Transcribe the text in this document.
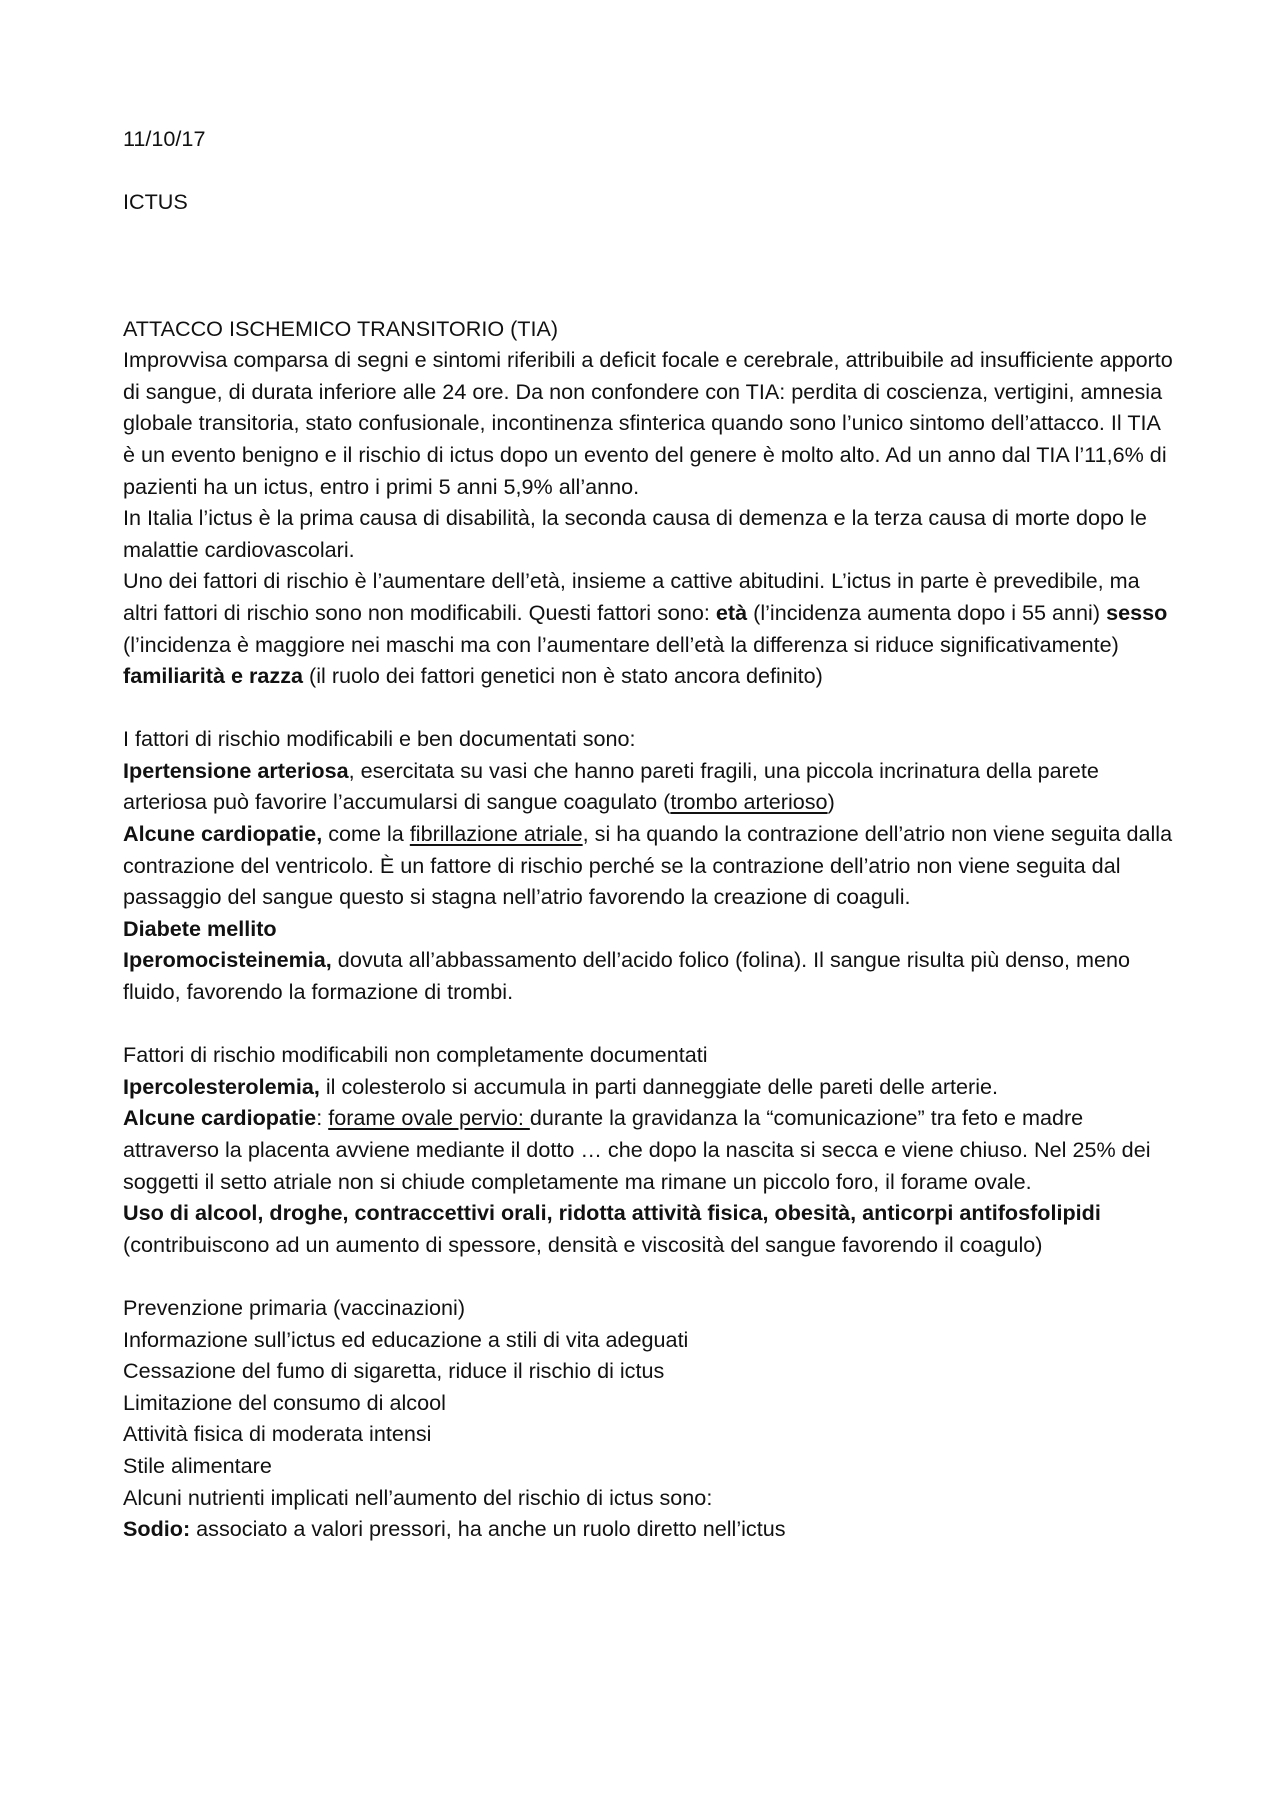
11/10/17

ICTUS

ATTACCO ISCHEMICO TRANSITORIO (TIA)

Improvvisa comparsa di segni e sintomi riferibili a deficit focale e cerebrale, attribuibile ad insufficiente apporto di sangue, di durata inferiore alle 24 ore. Da non confondere con TIA: perdita di coscienza, vertigini, amnesia globale transitoria, stato confusionale, incontinenza sfinterica quando sono l’unico sintomo dell’attacco. Il TIA è un evento benigno e il rischio di ictus dopo un evento del genere è molto alto. Ad un anno dal TIA l’11,6% di pazienti ha un ictus, entro i primi 5 anni 5,9% all’anno.

In Italia l’ictus è la prima causa di disabilità, la seconda causa di demenza e la terza causa di morte dopo le malattie cardiovascolari.

Uno dei fattori di rischio è l’aumentare dell’età, insieme a cattive abitudini. L’ictus in parte è prevedibile, ma altri fattori di rischio sono non modificabili. Questi fattori sono: età (l’incidenza aumenta dopo i 55 anni) sesso (l’incidenza è maggiore nei maschi ma con l’aumentare dell’età la differenza si riduce significativamente) familiarità e razza (il ruolo dei fattori genetici non è stato ancora definito)

I fattori di rischio modificabili e ben documentati sono:

Ipertensione arteriosa, esercitata su vasi che hanno pareti fragili, una piccola incrinatura della parete arteriosa può favorire l’accumularsi di sangue coagulato (trombo arterioso)

Alcune cardiopatie, come la fibrillazione atriale, si ha quando la contrazione dell’atrio non viene seguita dalla contrazione del ventricolo. È un fattore di rischio perché se la contrazione dell’atrio non viene seguita dal passaggio del sangue questo si stagna nell’atrio favorendo la creazione di coaguli.

Diabete mellito

Iperomocisteinemia, dovuta all’abbassamento dell’acido folico (folina). Il sangue risulta più denso, meno fluido, favorendo la formazione di trombi.

Fattori di rischio modificabili non completamente documentati

Ipercolesterolemia, il colesterolo si accumula in parti danneggiate delle pareti delle arterie.

Alcune cardiopatie: forame ovale pervio: durante la gravidanza la “comunicazione” tra feto e madre attraverso la placenta avviene mediante il dotto … che dopo la nascita si secca e viene chiuso. Nel 25% dei soggetti il setto atriale non si chiude completamente ma rimane un piccolo foro, il forame ovale.

Uso di alcool, droghe, contraccettivi orali, ridotta attività fisica, obesità, anticorpi antifosfolipidi

(contribuiscono ad un aumento di spessore, densità e viscosità del sangue favorendo il coagulo)

Prevenzione primaria (vaccinazioni)

Informazione sull’ictus ed educazione a stili di vita adeguati

Cessazione del fumo di sigaretta, riduce il rischio di ictus

Limitazione del consumo di alcool

Attività fisica di moderata intensi

Stile alimentare

Alcuni nutrienti implicati nell’aumento del rischio di ictus sono:

Sodio: associato a valori pressori, ha anche un ruolo diretto nell’ictus
